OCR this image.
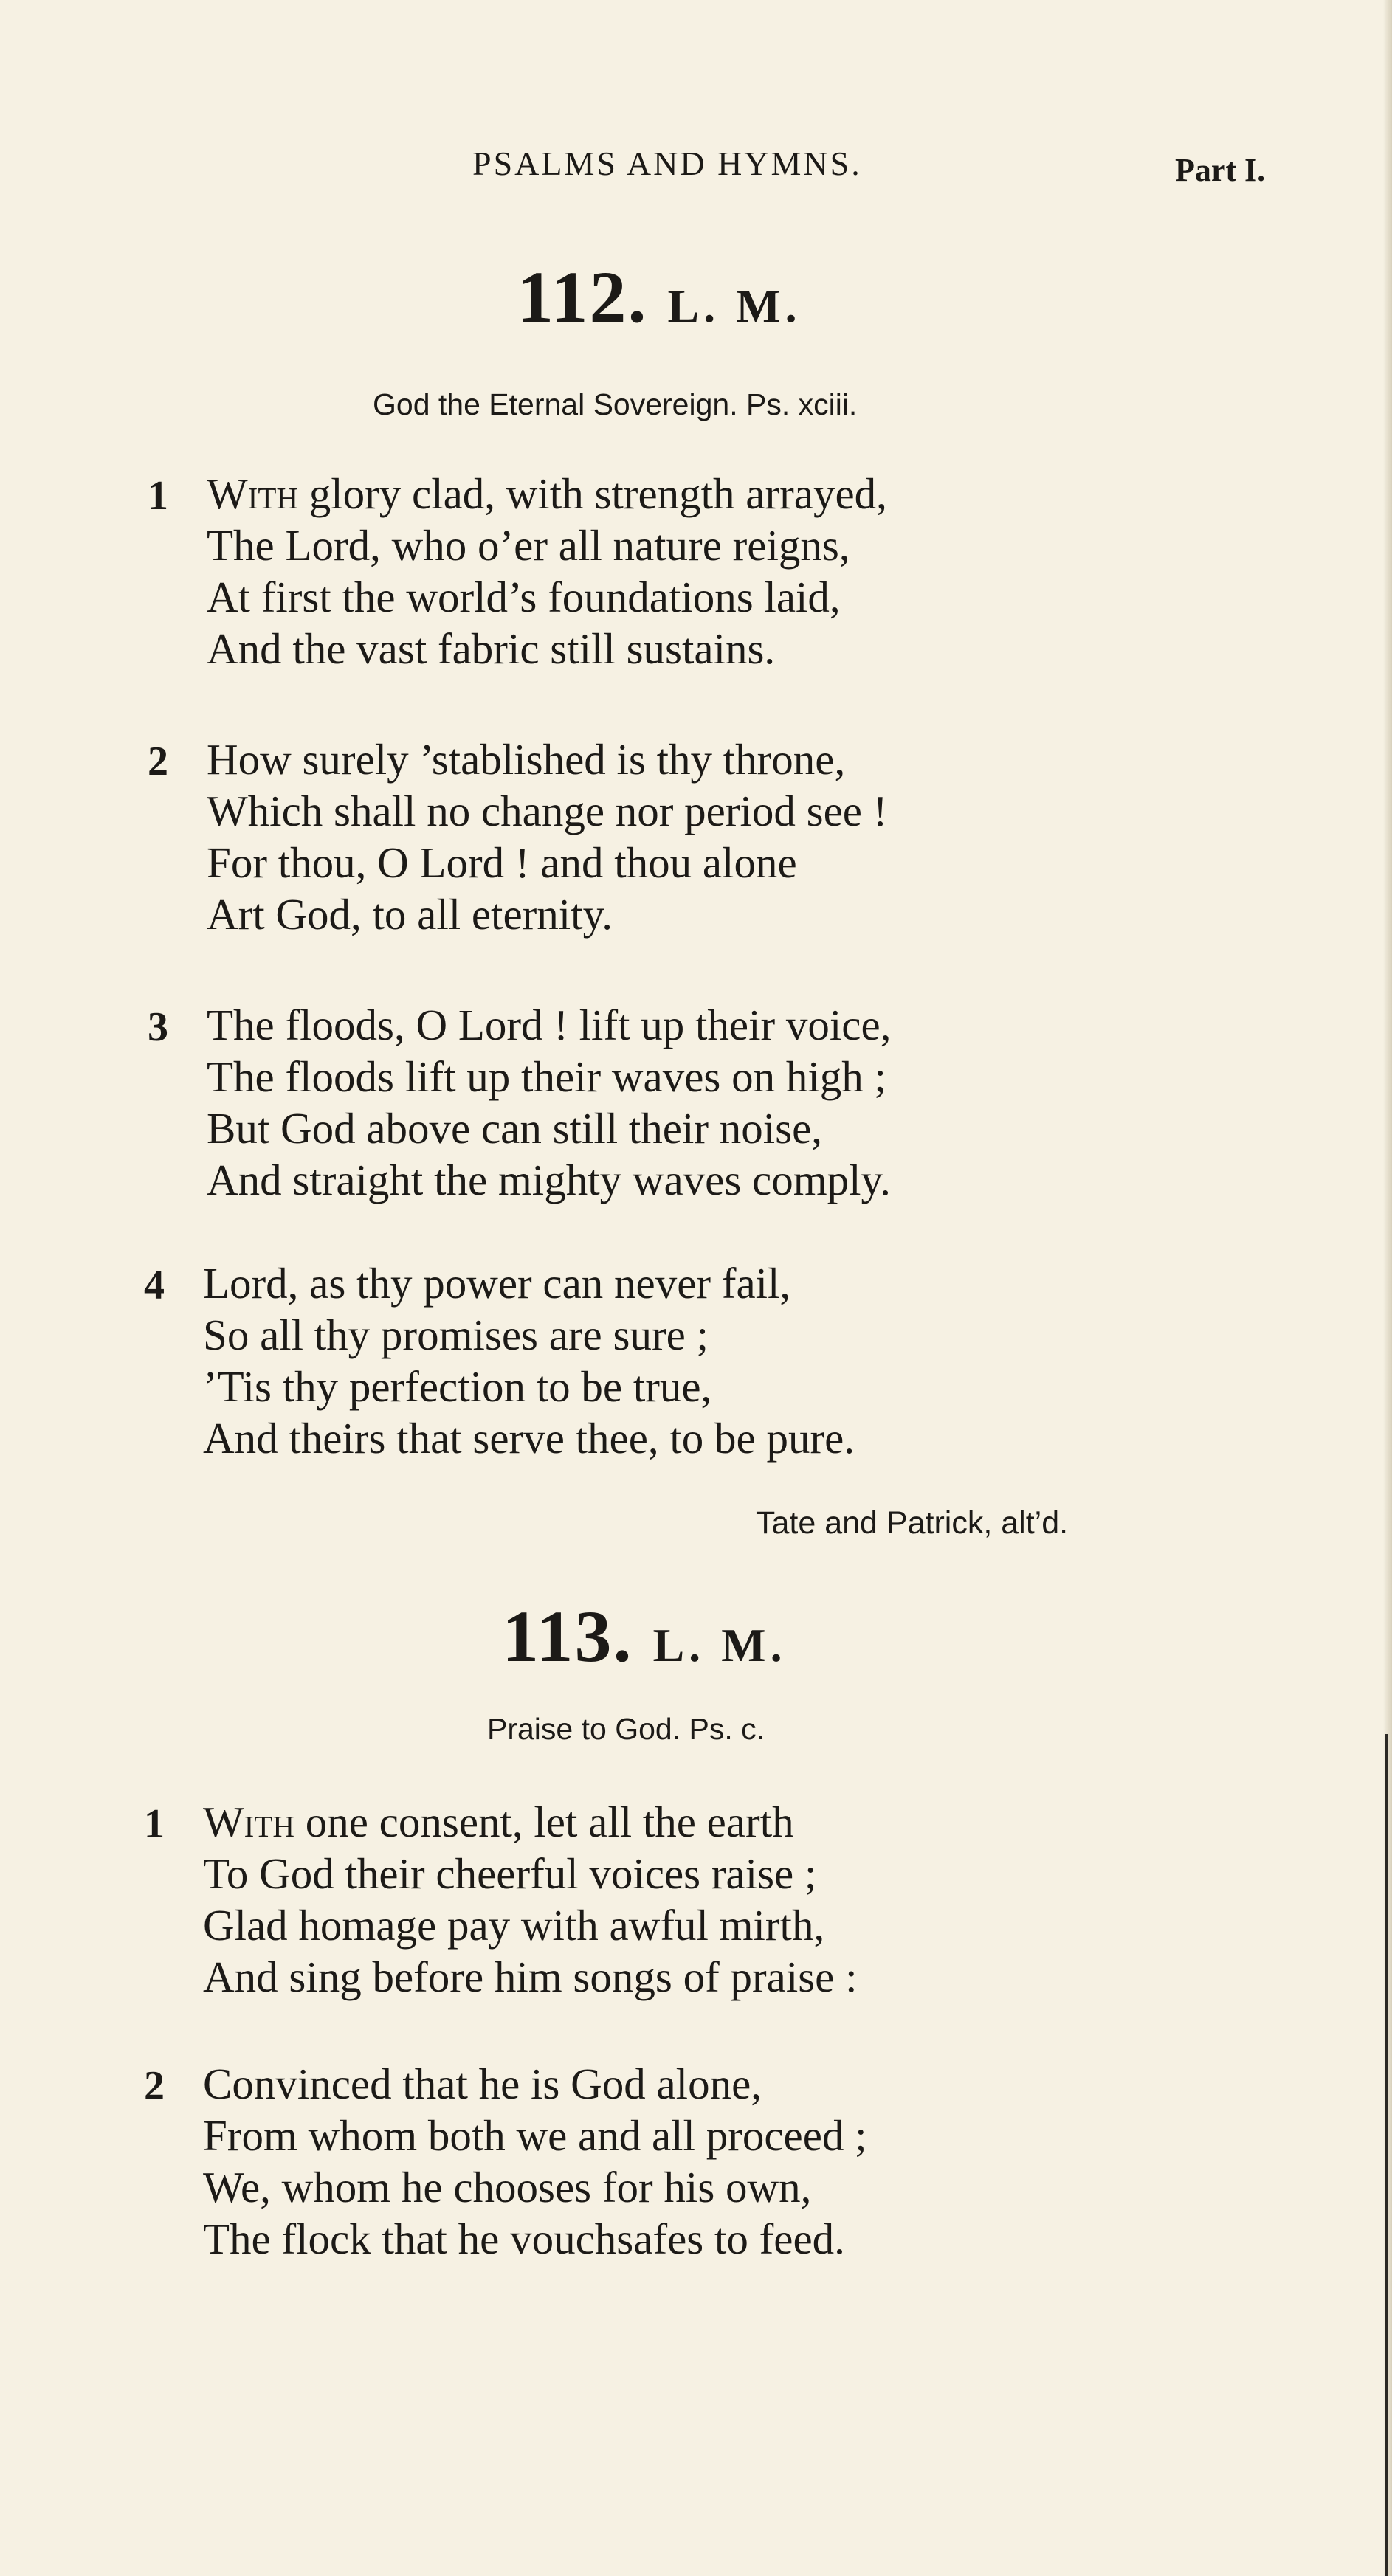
PSALMS AND HYMNS.	Part I.
112. L. M.
God the Eternal Sovereign. Ps. xciii.
1 With glory clad, with strength arrayed,
The Lord, who o’er all nature reigns,
At first the world’s foundations laid,
And the vast fabric still sustains.
2 How surely ’stablished is thy throne,
Which shall no change nor period see !
For thou, O Lord ! and thou alone
Art God, to all eternity.
3 The floods, O Lord ! lift up their voice,
The floods lift up their waves on high ;
But God above can still their noise,
And straight the mighty waves comply.
4 Lord, as thy power can never fail,
So all thy promises are sure ;
’Tis thy perfection to be true,
And theirs that serve thee, to be pure.
Tate and Patrick, alt’d.
113. L. M.
Praise to God. Ps. c.
1 With one consent, let all the earth
To God their cheerful voices raise ;
Glad homage pay with awful mirth,
And sing before him songs of praise :
2 Convinced that he is God alone,
From whom both we and all proceed ;
We, whom he chooses for his own,
The flock that he vouchsafes to feed.
